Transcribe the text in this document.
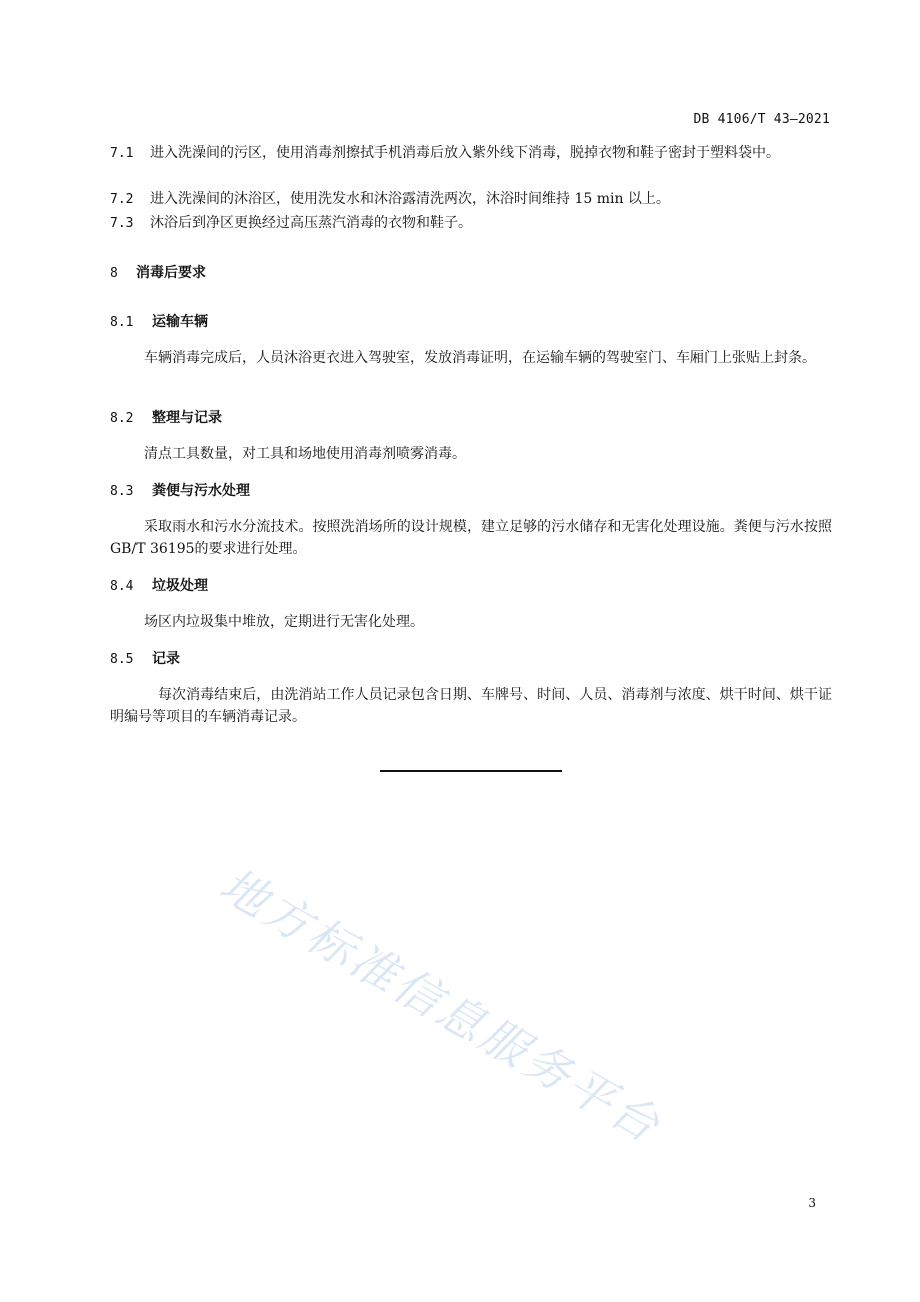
DB 4106/T 43—2021
7.1 进入洗澡间的污区，使用消毒剂擦拭手机消毒后放入紫外线下消毒，脱掉衣物和鞋子密封于塑料袋中。
7.2 进入洗澡间的沐浴区，使用洗发水和沐浴露清洗两次，沐浴时间维持 15 min 以上。
7.3 沐浴后到净区更换经过高压蒸汽消毒的衣物和鞋子。
8 消毒后要求
8.1 运输车辆
车辆消毒完成后，人员沐浴更衣进入驾驶室，发放消毒证明，在运输车辆的驾驶室门、车厢门上张贴上封条。
8.2 整理与记录
清点工具数量，对工具和场地使用消毒剂喷雾消毒。
8.3 粪便与污水处理
采取雨水和污水分流技术。按照洗消场所的设计规模，建立足够的污水储存和无害化处理设施。粪便与污水按照GB/T 36195的要求进行处理。
8.4 垃圾处理
场区内垃圾集中堆放，定期进行无害化处理。
8.5 记录
每次消毒结束后，由洗消站工作人员记录包含日期、车牌号、时间、人员、消毒剂与浓度、烘干时间、烘干证明编号等项目的车辆消毒记录。
地方标准信息服务平台
3
